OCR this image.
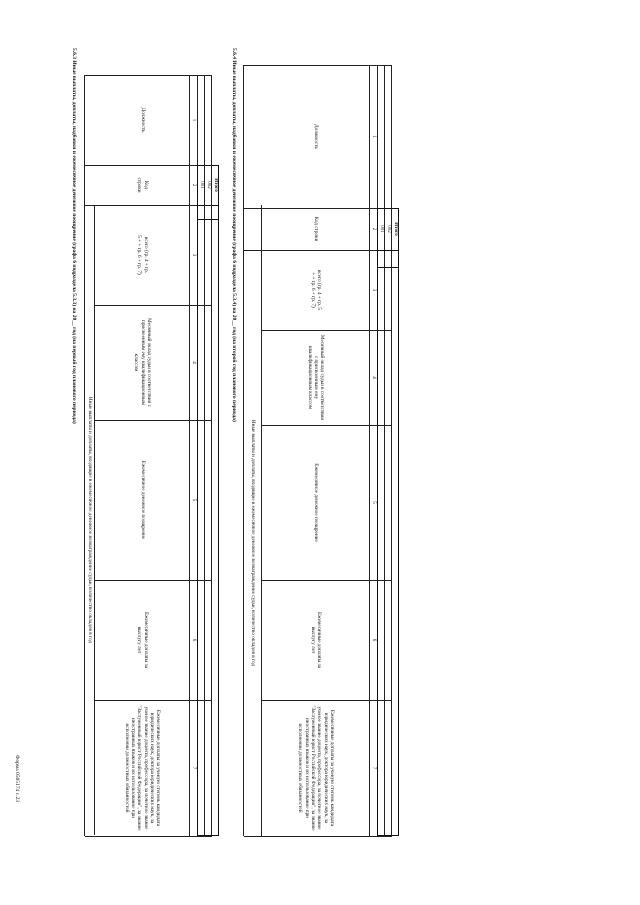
Форма 0505174 с.23
5.6.3 Иные выплаты, доплаты, надбавки и ежемесячное денежное поощрение (графа 6 подраздела 5.3.3) на 20__ год (на первый год планового периода)
Иные выплаты и доплаты, входящие в ежемесячное денежное вознаграждение судьи, количество окладов в год
Должность
Код строки
всего (гр. 4 + гр. 5 + + гр. 6 + гр. 7)
Месячный оклад судьи в соответствии с присвоенным ему квалификационным классом
Ежемесячное денежное поощрение
Ежемесячные доплаты за выслугу лет
Ежемесячные доплаты за ученую степень кандидата юридических наук, доктора юридических наук, за ученое звание доцента, профессора, за почетное звание "Заслуженный юрист Российской Федерации", за знание иностранных языков и их использование при исполнении должностных обязанностей
1
2
3
4
5
6
7
001 002 Итого 5.6.4 Иные выплаты, доплаты, надбавки и ежемесячное денежное поощрение (графа 6 подраздела 5.3.4) на 20__ год (на второй год планового периода)
Иные выплаты и доплаты, входящие в ежемесячное денежное вознаграждение судьи, количество окладов в год
Должность
Код строки
всего (гр. 4 + гр. 5 + + гр. 6 + гр. 7)
Месячный оклад судьи в соответствии с присвоенным ему квалификационным классом
Ежемесячное денежное поощрение
Ежемесячные доплаты за выслугу лет
Ежемесячные доплаты за ученую степень кандидата юридических наук, доктора юридических наук, за ученое звание доцента, профессора, за почетное звание "Заслуженный юрист Российской Федерации", за знание иностранных языков и их использование при исполнении должностных обязанностей
1
2
3
4
5
6
7
001 002 Итого
